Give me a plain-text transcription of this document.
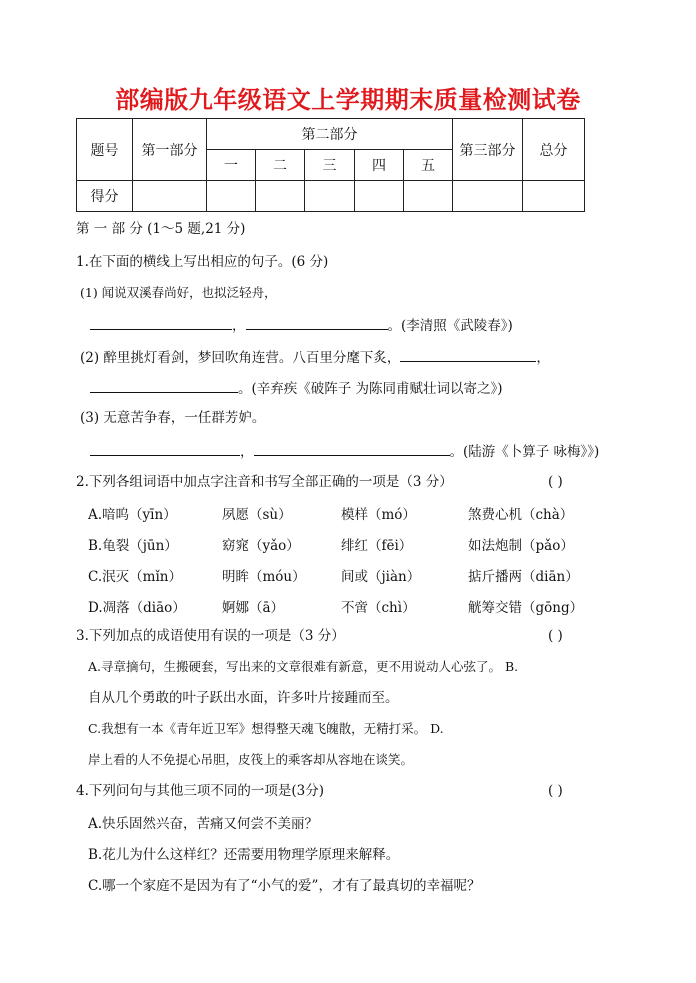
部编版九年级语文上学期期末质量检测试卷
题号	第一部分	第二部分					第三部分	总分
		一	二	三	四	五		
得分								
第 一 部 分 (1～5 题,21 分)
1.在下面的横线上写出相应的句子。(6 分)
(1) 闻说双溪春尚好，也拟泛轻舟，
，	。(李清照《武陵春》)
(2) 醉里挑灯看剑，梦回吹角连营。八百里分麾下炙，	，
。(辛弃疾《破阵子 为陈同甫赋壮词以寄之》)
(3) 无意苦争春，一任群芳妒。
，	。(陆游《卜算子 咏梅》》)
2.下列各组词语中加点字注音和书写全部正确的一项是（3 分）	( )
A.喑呜（yīn）	夙愿（sù）	模样（mó）	煞费心机（chà）
B.龟裂（jūn）	窈窕（yǎo）	绯红（fēi）	如法炮制（pǎo）
C.泯灭（mǐn）	明眸（móu）	间或（jiàn）	掂斤播两（diān）
D.凋落（diāo）	婀娜（ā）	不啻（chì）	觥筹交错（gōng）
3.下列加点的成语使用有误的一项是（3 分）	( )
A.寻章摘句，生搬硬套，写出来的文章很难有新意，更不用说动人心弦了。 B.
自从几个勇敢的叶子跃出水面，许多叶片接踵而至。
C.我想有一本《青年近卫军》想得整天魂飞魄散，无精打采。 D.
岸上看的人不免提心吊胆，皮筏上的乘客却从容地在谈笑。
4.下列问句与其他三项不同的一项是(3分)	( )
A.快乐固然兴奋，苦痛又何尝不美丽？
B.花儿为什么这样红？还需要用物理学原理来解释。
C.哪一个家庭不是因为有了“小气的爱”，才有了最真切的幸福呢？
